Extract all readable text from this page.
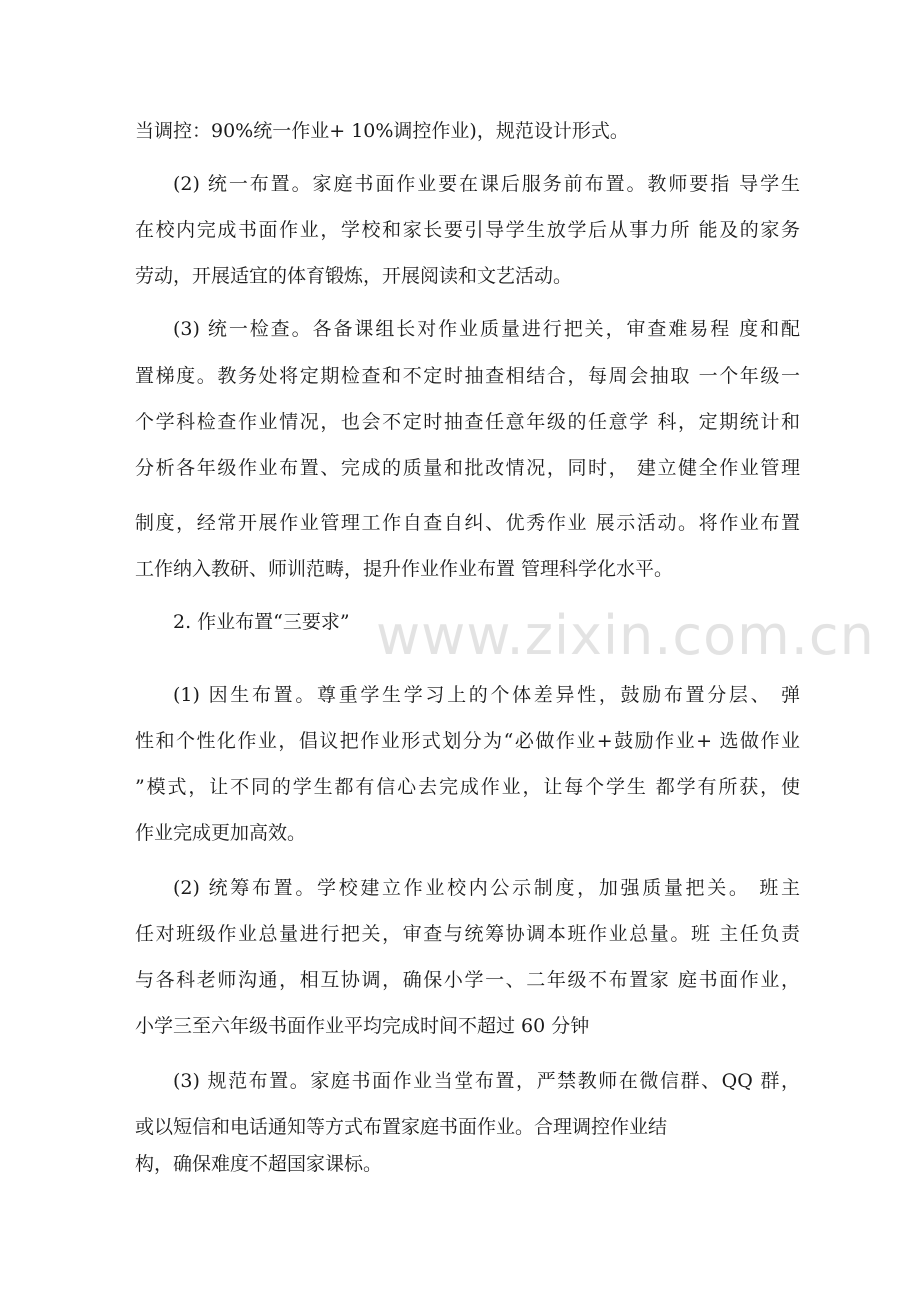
当调控：90%统一作业+ 10%调控作业)，规范设计形式。
(2) 统一布置。家庭书面作业要在课后服务前布置。教师要指 导学生
在校内完成书面作业，学校和家长要引导学生放学后从事力所 能及的家务
劳动，开展适宜的体育锻炼，开展阅读和文艺活动。
(3) 统一检查。各备课组长对作业质量进行把关，审查难易程 度和配
置梯度。教务处将定期检查和不定时抽查相结合，每周会抽取 一个年级一
个学科检查作业情况，也会不定时抽查任意年级的任意学 科，定期统计和
分析各年级作业布置、完成的质量和批改情况，同时， 建立健全作业管理
制度，经常开展作业管理工作自查自纠、优秀作业 展示活动。将作业布置
工作纳入教研、师训范畴，提升作业作业布置 管理科学化水平。
2. 作业布置“三要求”
(1) 因生布置。尊重学生学习上的个体差异性，鼓励布置分层、 弹
性和个性化作业，倡议把作业形式划分为“必做作业+鼓励作业+ 选做作业
”模式，让不同的学生都有信心去完成作业，让每个学生 都学有所获，使
作业完成更加高效。
(2) 统筹布置。学校建立作业校内公示制度，加强质量把关。 班主
任对班级作业总量进行把关，审查与统筹协调本班作业总量。班 主任负责
与各科老师沟通，相互协调，确保小学一、二年级不布置家 庭书面作业，
小学三至六年级书面作业平均完成时间不超过 60 分钟
(3) 规范布置。家庭书面作业当堂布置，严禁教师在微信群、QQ 群，
或以短信和电话通知等方式布置家庭书面作业。合理调控作业结
构，确保难度不超国家课标。
www.zixin.com.cn
